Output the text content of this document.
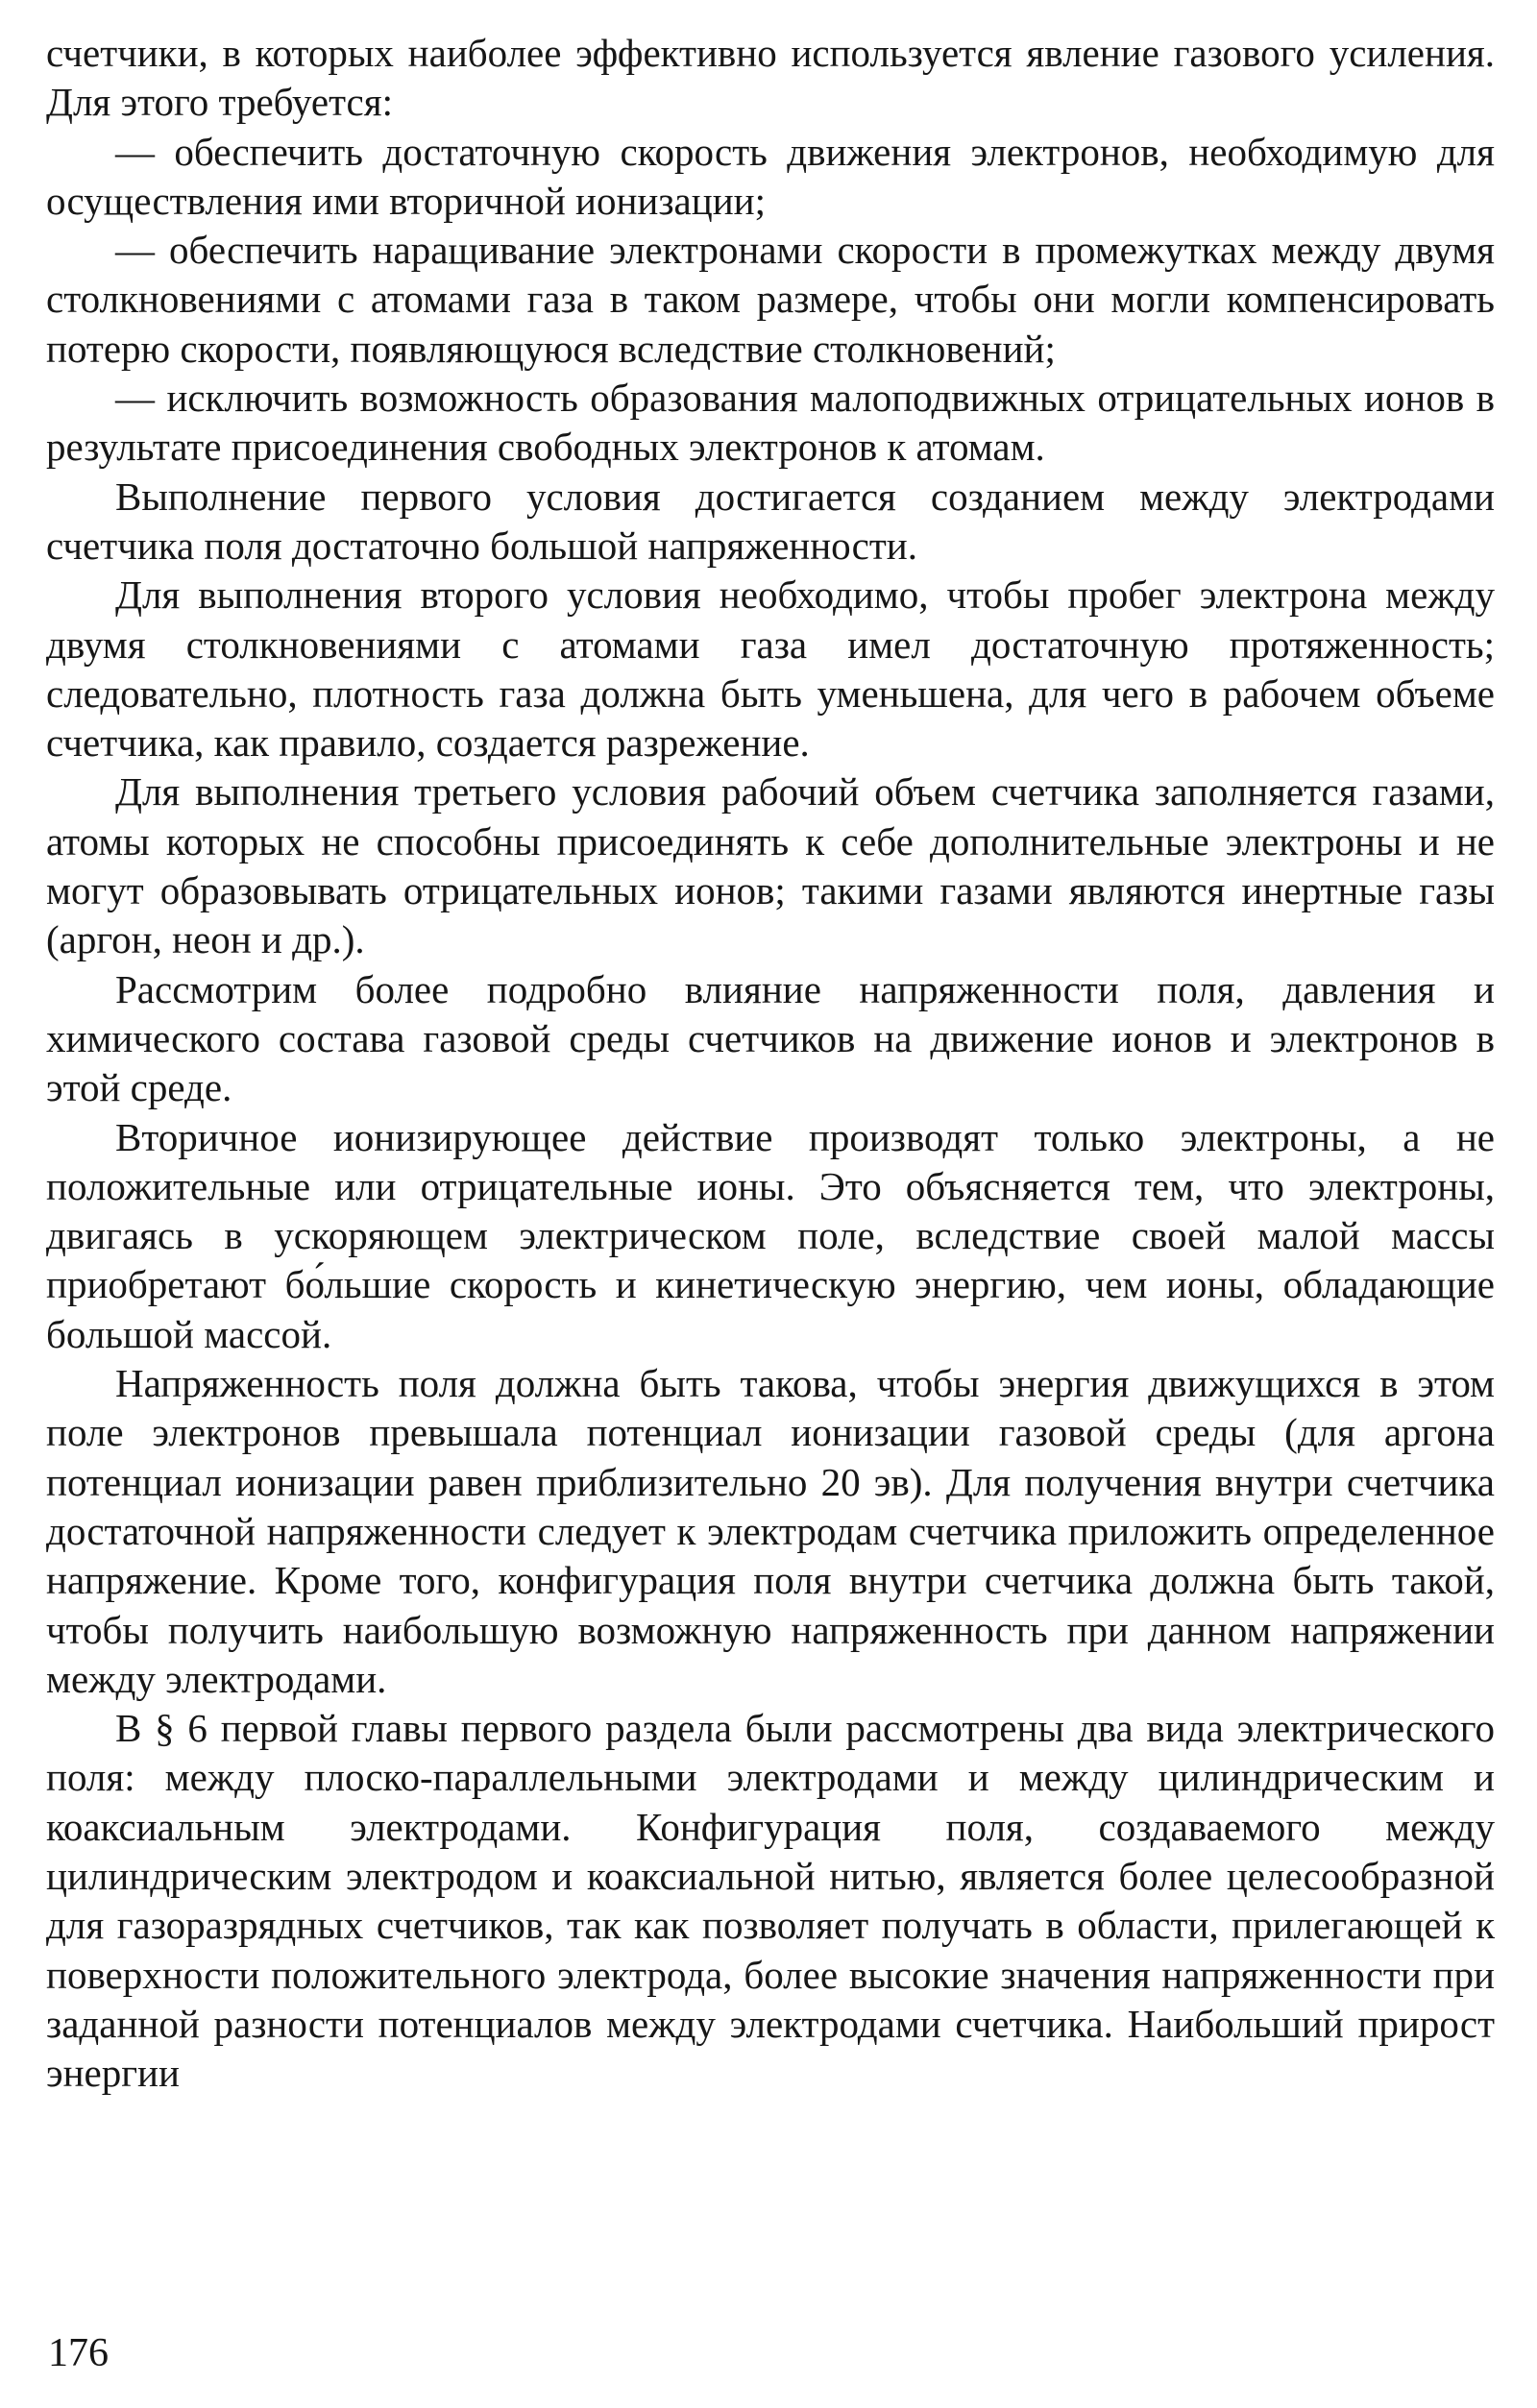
счетчики, в которых наиболее эффективно используется явление газового усиления. Для этого требуется:

— обеспечить достаточную скорость движения электронов, необходимую для осуществления ими вторичной ионизации;

— обеспечить наращивание электронами скорости в промежутках между двумя столкновениями с атомами газа в таком размере, чтобы они могли компенсировать потерю скорости, появляющуюся вследствие столкновений;

— исключить возможность образования малоподвижных отрицательных ионов в результате присоединения свободных электронов к атомам.

Выполнение первого условия достигается созданием между электродами счетчика поля достаточно большой напряженности.

Для выполнения второго условия необходимо, чтобы пробег электрона между двумя столкновениями с атомами газа имел достаточную протяженность; следовательно, плотность газа должна быть уменьшена, для чего в рабочем объеме счетчика, как правило, создается разрежение.

Для выполнения третьего условия рабочий объем счетчика заполняется газами, атомы которых не способны присоединять к себе дополнительные электроны и не могут образовывать отрицательных ионов; такими газами являются инертные газы (аргон, неон и др.).

Рассмотрим более подробно влияние напряженности поля, давления и химического состава газовой среды счетчиков на движение ионов и электронов в этой среде.

Вторичное ионизирующее действие производят только электроны, а не положительные или отрицательные ионы. Это объясняется тем, что электроны, двигаясь в ускоряющем электрическом поле, вследствие своей малой массы приобретают бо́льшие скорость и кинетическую энергию, чем ионы, обладающие большой массой.

Напряженность поля должна быть такова, чтобы энергия движущихся в этом поле электронов превышала потенциал ионизации газовой среды (для аргона потенциал ионизации равен приблизительно 20 эв). Для получения внутри счетчика достаточной напряженности следует к электродам счетчика приложить определенное напряжение. Кроме того, конфигурация поля внутри счетчика должна быть такой, чтобы получить наибольшую возможную напряженность при данном напряжении между электродами.

В § 6 первой главы первого раздела были рассмотрены два вида электрического поля: между плоско-параллельными электродами и между цилиндрическим и коаксиальным электродами. Конфигурация поля, создаваемого между цилиндрическим электродом и коаксиальной нитью, является более целесообразной для газоразрядных счетчиков, так как позволяет получать в области, прилегающей к поверхности положительного электрода, более высокие значения напряженности при заданной разности потенциалов между электродами счетчика. Наибольший прирост энергии

176
